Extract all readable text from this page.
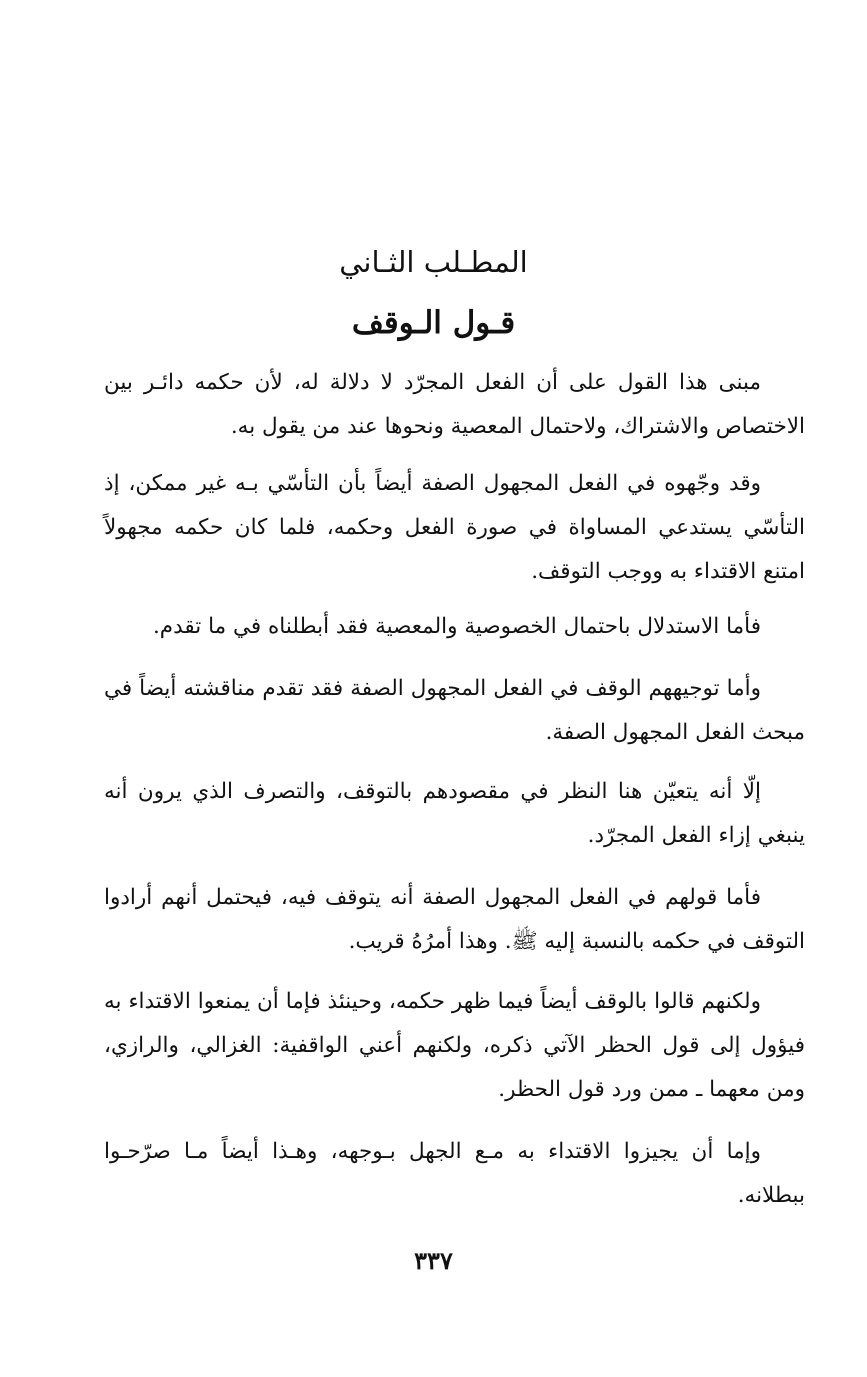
المطـلب الثـاني
قـول الـوقف

مبنى هذا القول على أن الفعل المجرّد لا دلالة له، لأن حكمه دائـر بين الاختصاص والاشتراك، ولاحتمال المعصية ونحوها عند من يقول به.

وقد وجّهوه في الفعل المجهول الصفة أيضاً بأن التأسّي بـه غير ممكن، إذ التأسّي يستدعي المساواة في صورة الفعل وحكمه، فلما كان حكمه مجهولاً امتنع الاقتداء به ووجب التوقف.

فأما الاستدلال باحتمال الخصوصية والمعصية فقد أبطلناه في ما تقدم.

وأما توجيههم الوقف في الفعل المجهول الصفة فقد تقدم مناقشته أيضاً في مبحث الفعل المجهول الصفة.

إلّا أنه يتعيّن هنا النظر في مقصودهم بالتوقف، والتصرف الذي يرون أنه ينبغي إزاء الفعل المجرّد.

فأما قولهم في الفعل المجهول الصفة أنه يتوقف فيه، فيحتمل أنهم أرادوا التوقف في حكمه بالنسبة إليه ﷺ. وهذا أمرُهُ قريب.

ولكنهم قالوا بالوقف أيضاً فيما ظهر حكمه، وحينئذ فإما أن يمنعوا الاقتداء به فيؤول إلى قول الحظر الآتي ذكره، ولكنهم أعني الواقفية: الغزالي، والرازي، ومن معهما ـ ممن ورد قول الحظر.

وإما أن يجيزوا الاقتداء به مـع الجهل بـوجهه، وهـذا أيضاً مـا صرّحـوا ببطلانه.

٣٣٧
